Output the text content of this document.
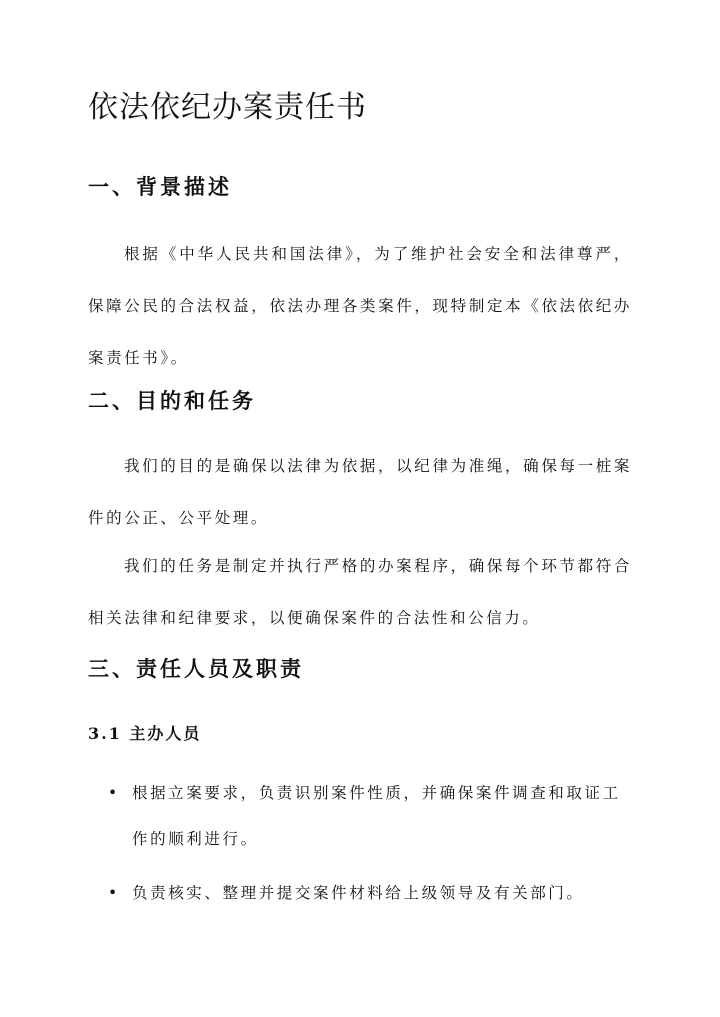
依法依纪办案责任书
一、背景描述

根据《中华人民共和国法律》，为了维护社会安全和法律尊严，保障公民的合法权益，依法办理各类案件，现特制定本《依法依纪办案责任书》。

二、目的和任务

我们的目的是确保以法律为依据，以纪律为准绳，确保每一桩案件的公正、公平处理。

我们的任务是制定并执行严格的办案程序，确保每个环节都符合相关法律和纪律要求，以便确保案件的合法性和公信力。

三、责任人员及职责
3.1 主办人员
• 根据立案要求，负责识别案件性质，并确保案件调查和取证工作的顺利进行。
• 负责核实、整理并提交案件材料给上级领导及有关部门。
